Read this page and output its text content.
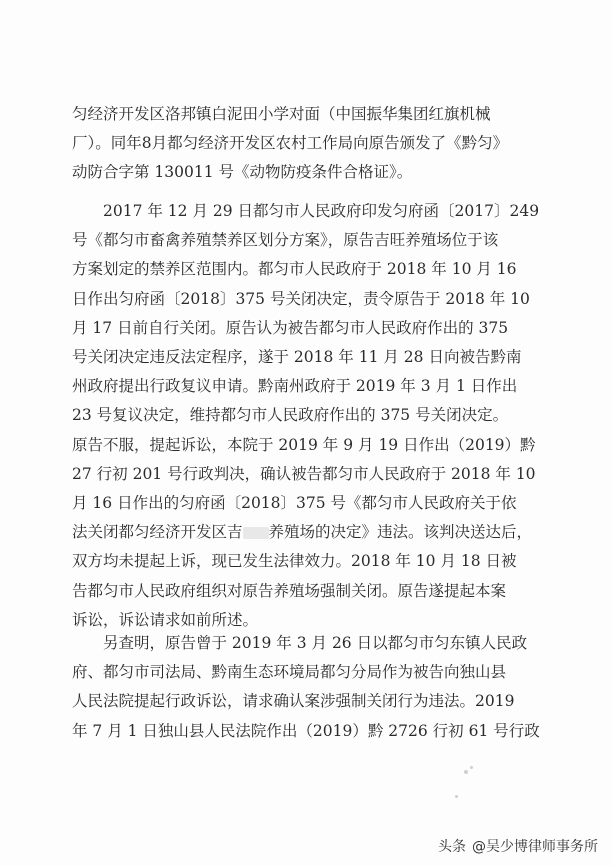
匀经济开发区洛邦镇白泥田小学对面（中国振华集团红旗机械
厂）。同年8月都匀经济开发区农村工作局向原告颁发了《黔匀》
动防合字第 130011 号《动物防疫条件合格证》。

2017 年 12 月 29 日都匀市人民政府印发匀府函〔2017〕249
号《都匀市畜禽养殖禁养区划分方案》，原告吉旺养殖场位于该
方案划定的禁养区范围内。都匀市人民政府于 2018 年 10 月 16
日作出匀府函〔2018〕375 号关闭决定，责令原告于 2018 年 10
月 17 日前自行关闭。原告认为被告都匀市人民政府作出的 375
号关闭决定违反法定程序，遂于 2018 年 11 月 28 日向被告黔南
州政府提出行政复议申请。黔南州政府于 2019 年 3 月 1 日作出
23 号复议决定，维持都匀市人民政府作出的 375 号关闭决定。
原告不服，提起诉讼，本院于 2019 年 9 月 19 日作出（2019）黔
27 行初 201 号行政判决，确认被告都匀市人民政府于 2018 年 10
月 16 日作出的匀府函〔2018〕375 号《都匀市人民政府关于依
法关闭都匀经济开发区吉 养殖场的决定》违法。该判决送达后，
双方均未提起上诉，现已发生法律效力。2018 年 10 月 18 日被
告都匀市人民政府组织对原告养殖场强制关闭。原告遂提起本案
诉讼，诉讼请求如前所述。

另查明，原告曾于 2019 年 3 月 26 日以都匀市匀东镇人民政
府、都匀市司法局、黔南生态环境局都匀分局作为被告向独山县
人民法院提起行政诉讼，请求确认案涉强制关闭行为违法。2019
年 7 月 1 日独山县人民法院作出（2019）黔 2726 行初 61 号行政

头条 @吴少博律师事务所
